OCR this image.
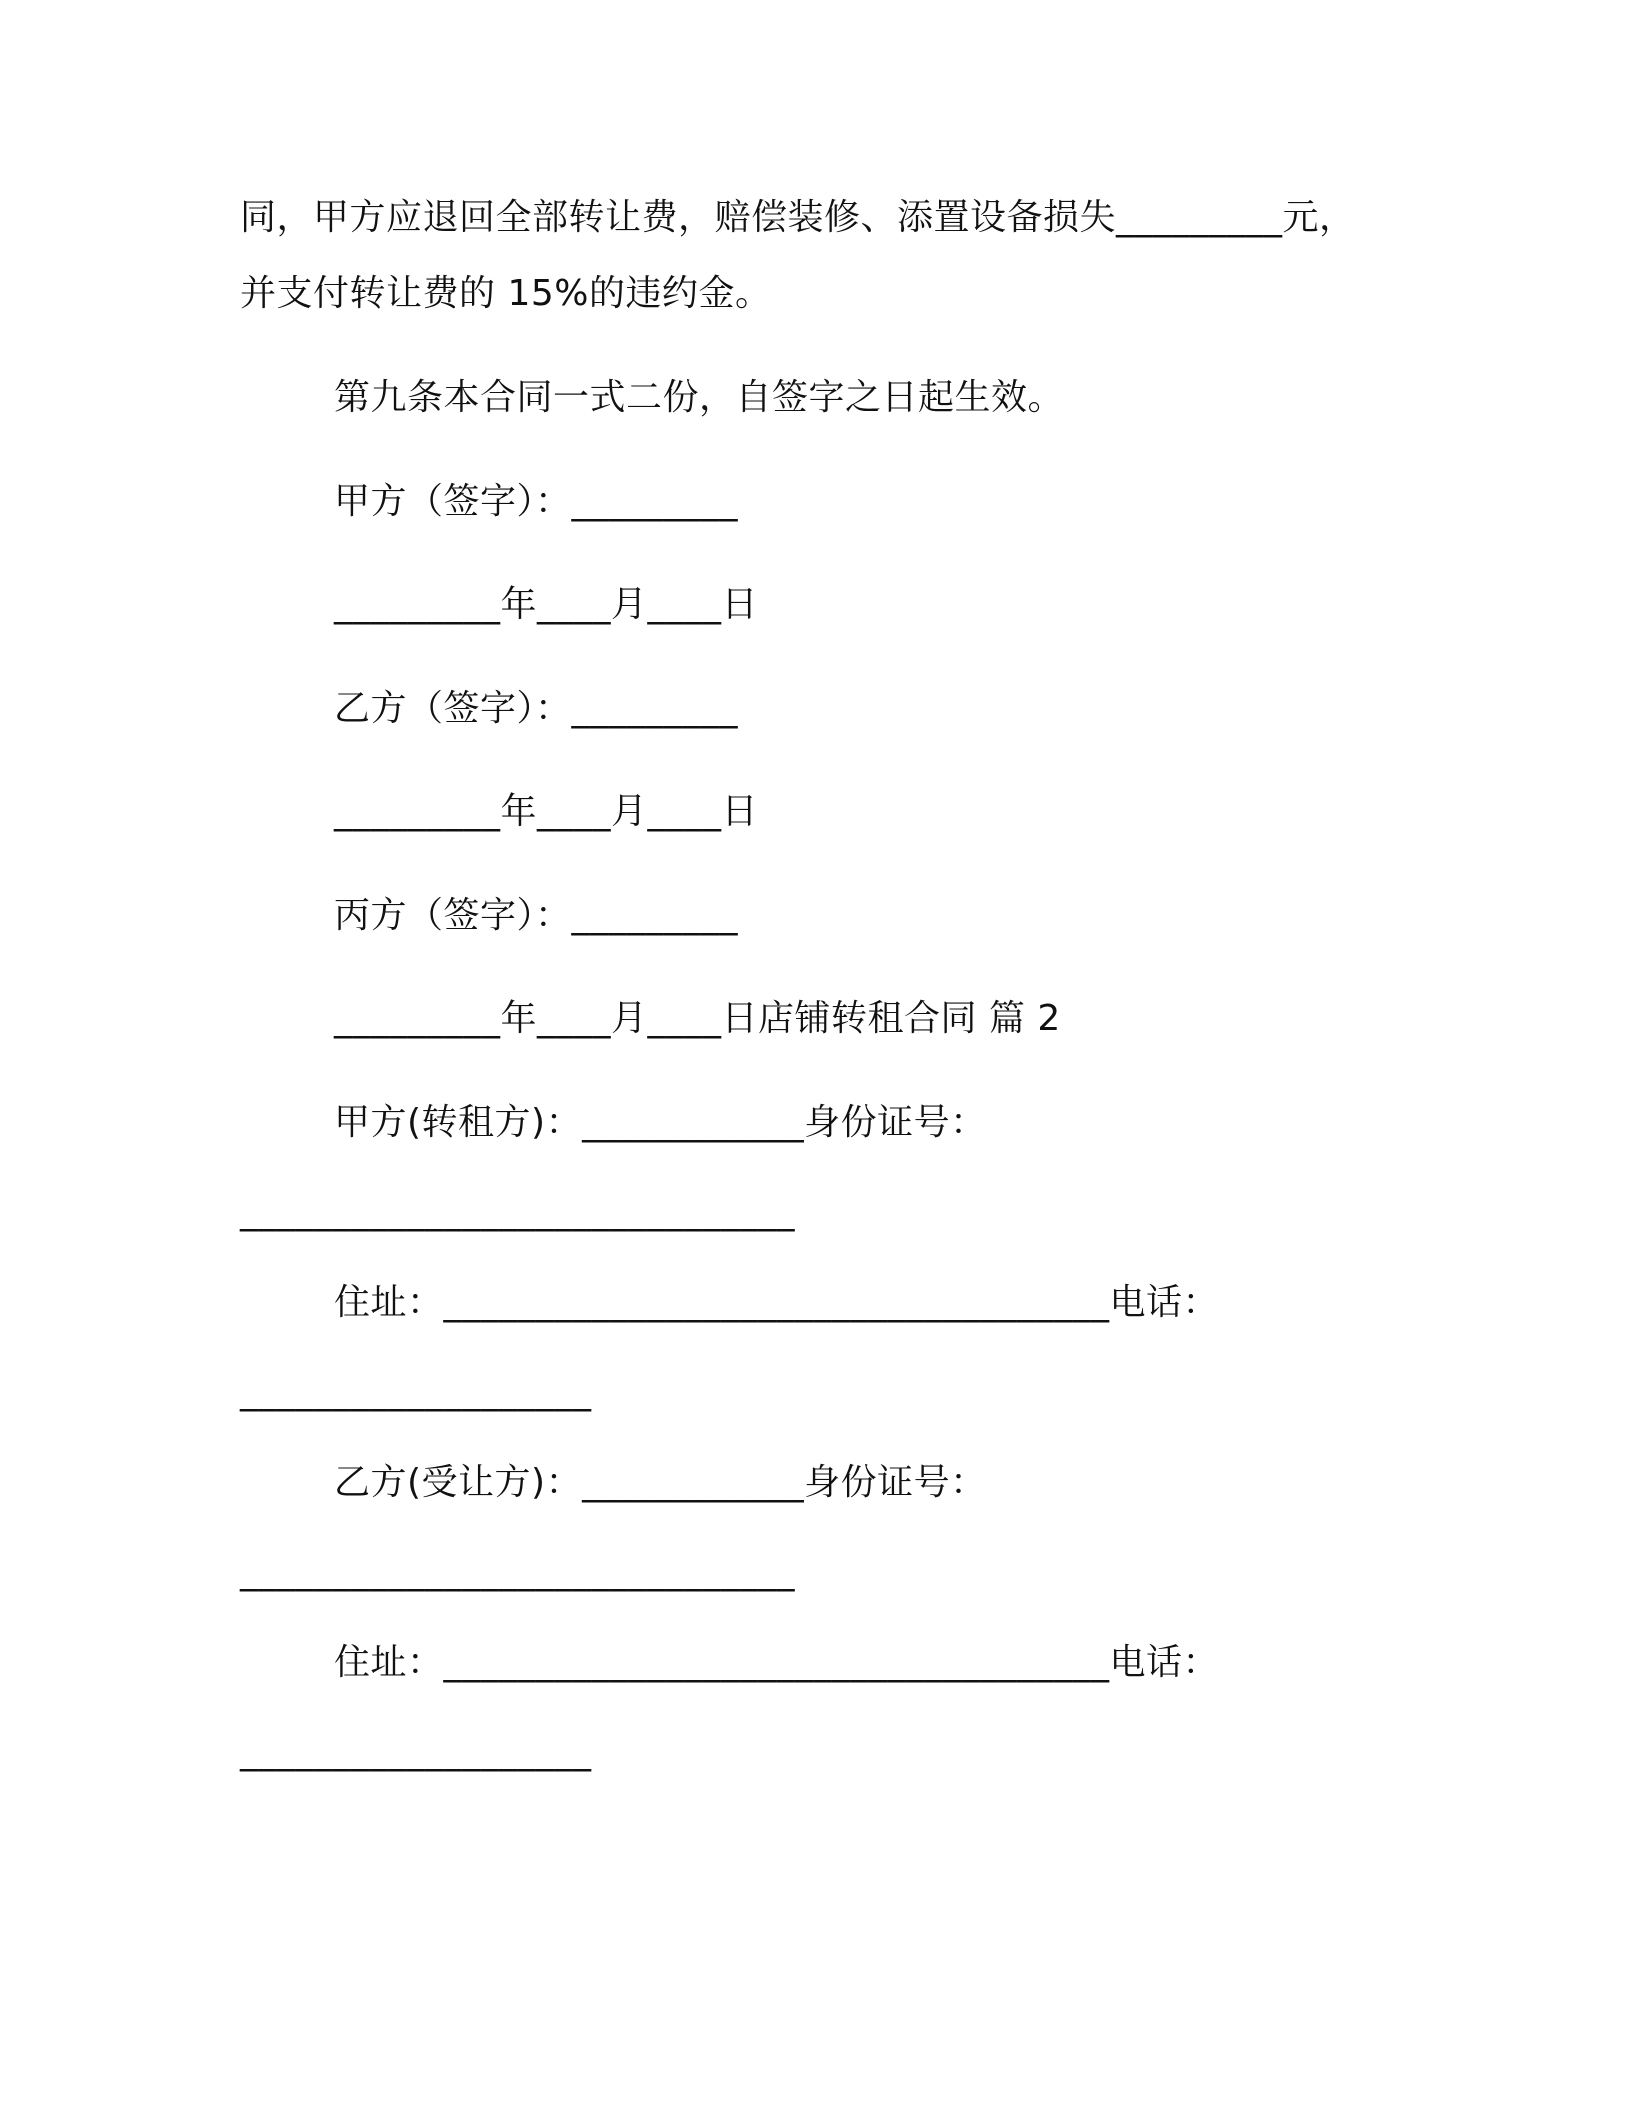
同，甲方应退回全部转让费，赔偿装修、添置设备损失_________元，
并支付转让费的 15%的违约金。
第九条本合同一式二份，自签字之日起生效。
甲方（签字）：_________
_________年____月____日
乙方（签字）：_________
_________年____月____日
丙方（签字）：_________
_________年____月____日店铺转租合同 篇 2
甲方(转租方)：____________身份证号：
______________________________
住址：____________________________________电话：
___________________
乙方(受让方)：____________身份证号：
______________________________
住址：____________________________________电话：
___________________
